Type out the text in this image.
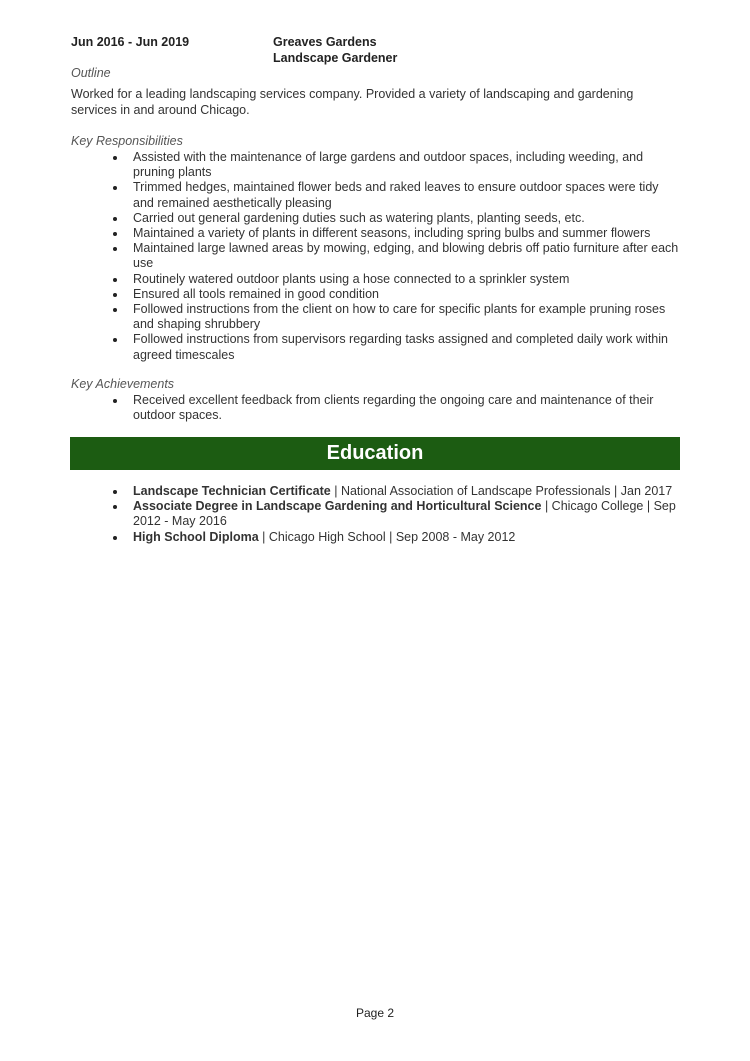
Jun 2016 - Jun 2019	Greaves Gardens
Landscape Gardener
Outline
Worked for a leading landscaping services company. Provided a variety of landscaping and gardening services in and around Chicago.
Key Responsibilities
Assisted with the maintenance of large gardens and outdoor spaces, including weeding, and pruning plants
Trimmed hedges, maintained flower beds and raked leaves to ensure outdoor spaces were tidy and remained aesthetically pleasing
Carried out general gardening duties such as watering plants, planting seeds, etc.
Maintained a variety of plants in different seasons, including spring bulbs and summer flowers
Maintained large lawned areas by mowing, edging, and blowing debris off patio furniture after each use
Routinely watered outdoor plants using a hose connected to a sprinkler system
Ensured all tools remained in good condition
Followed instructions from the client on how to care for specific plants for example pruning roses and shaping shrubbery
Followed instructions from supervisors regarding tasks assigned and completed daily work within agreed timescales
Key Achievements
Received excellent feedback from clients regarding the ongoing care and maintenance of their outdoor spaces.
Education
Landscape Technician Certificate | National Association of Landscape Professionals | Jan 2017
Associate Degree in Landscape Gardening and Horticultural Science | Chicago College | Sep 2012 - May 2016
High School Diploma | Chicago High School | Sep 2008 - May 2012
Page 2
